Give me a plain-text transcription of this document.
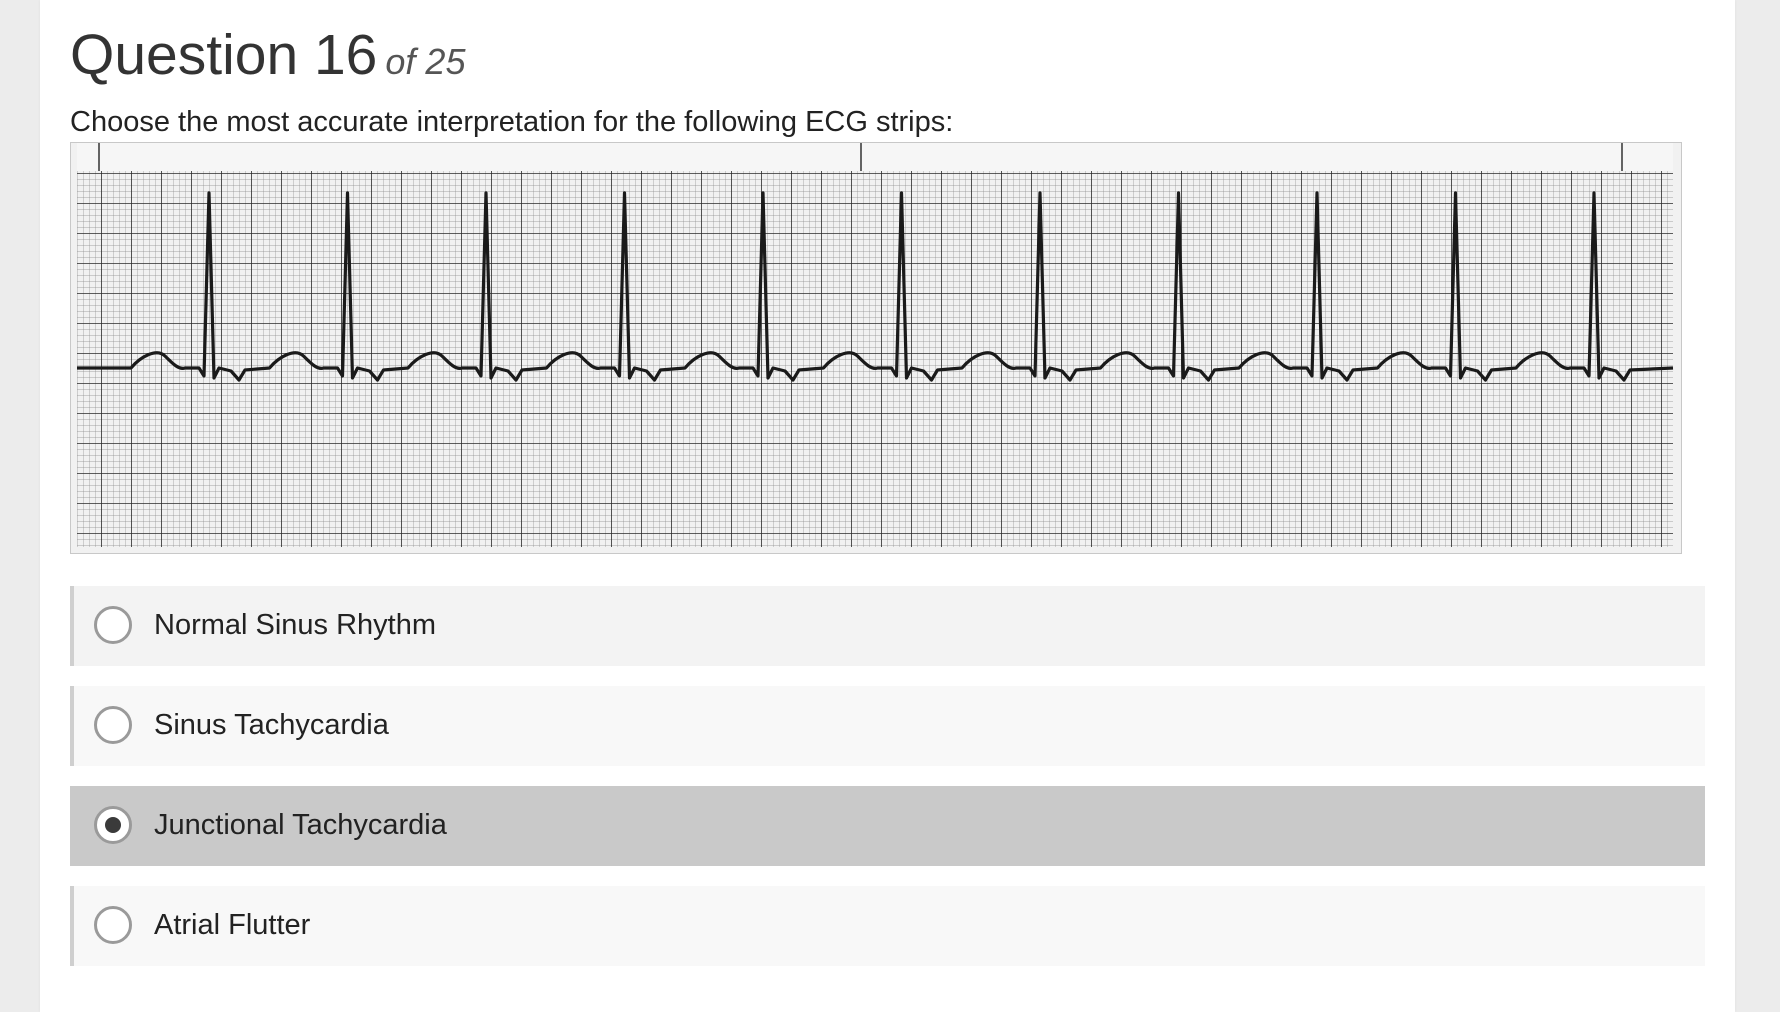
Question 16 of 25

Choose the most accurate interpretation for the following ECG strips:

Normal Sinus Rhythm
Sinus Tachycardia
Junctional Tachycardia
Atrial Flutter
